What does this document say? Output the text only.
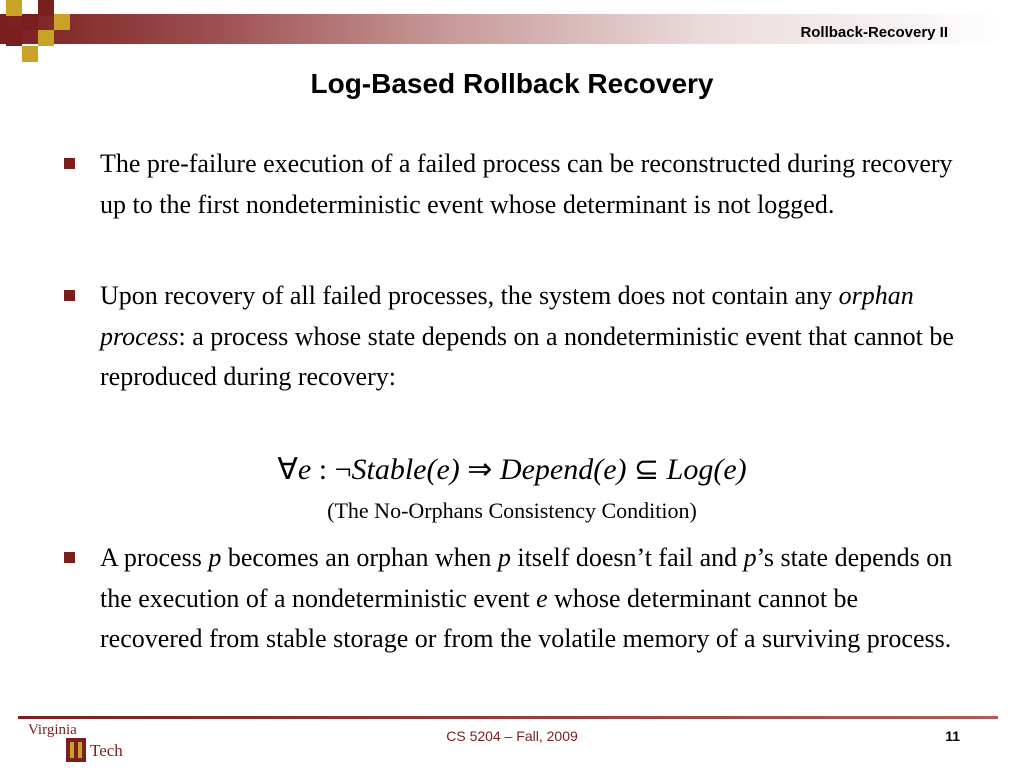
Rollback-Recovery II
Log-Based Rollback Recovery
The pre-failure execution of a failed process can be reconstructed during recovery up to the first nondeterministic event whose determinant is not logged.
Upon recovery of all failed processes, the system does not contain any orphan process: a process whose state depends on a nondeterministic event that cannot be reproduced during recovery:
∀e : ¬Stable(e) ⇒ Depend(e) ⊆ Log(e)
(The No-Orphans Consistency Condition)
A process p becomes an orphan when p itself doesn’t fail and p’s state depends on the execution of a nondeterministic event e whose determinant cannot be recovered from stable storage or from the volatile memory of a surviving process.
Virginia
Tech
CS 5204 – Fall, 2009	11
